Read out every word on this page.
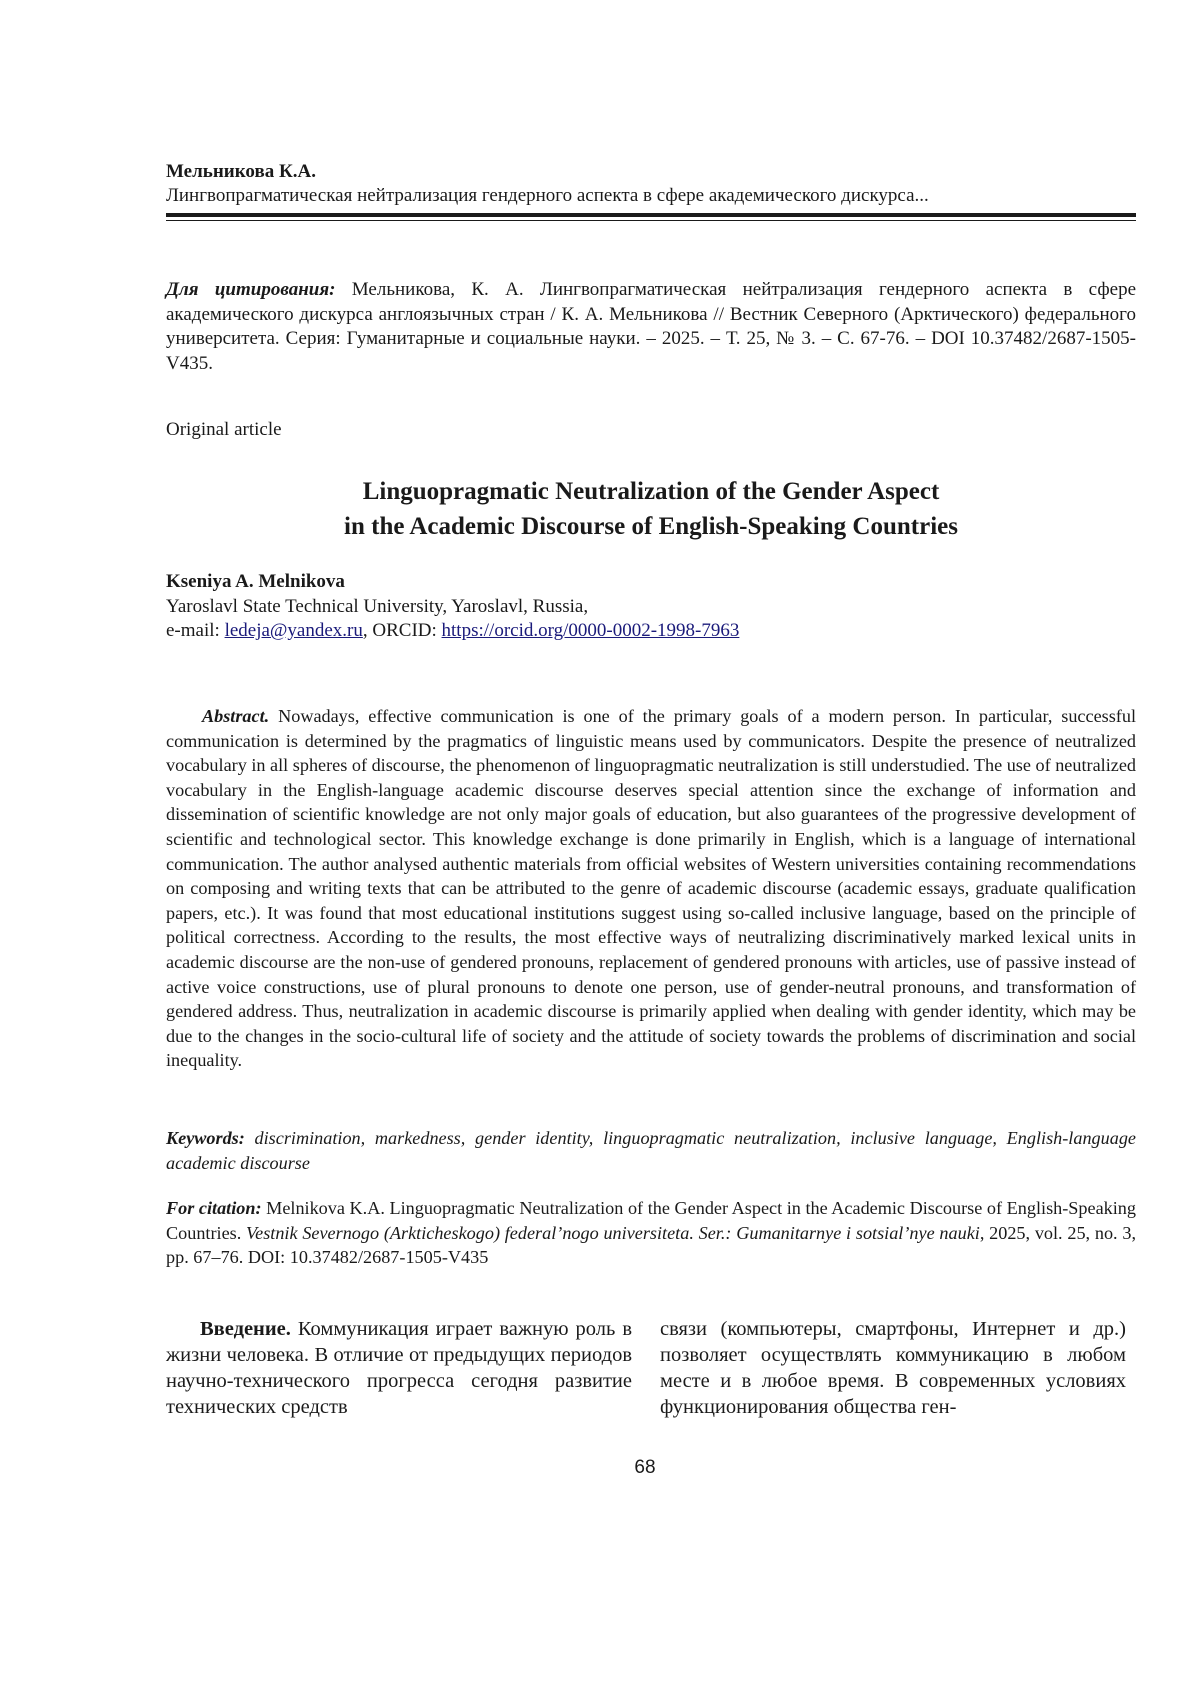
Мельникова К.А.
Лингвопрагматическая нейтрализация гендерного аспекта в сфере академического дискурса...
Для цитирования: Мельникова, К. А. Лингвопрагматическая нейтрализация гендерного аспекта в сфере академического дискурса англоязычных стран / К. А. Мельникова // Вестник Северного (Арктического) федерального университета. Серия: Гуманитарные и социальные науки. – 2025. – Т. 25, № 3. – С. 67-76. – DOI 10.37482/2687-1505-V435.
Original article
Linguopragmatic Neutralization of the Gender Aspect
in the Academic Discourse of English-Speaking Countries
Kseniya A. Melnikova
Yaroslavl State Technical University, Yaroslavl, Russia,
e-mail: ledeja@yandex.ru, ORCID: https://orcid.org/0000-0002-1998-7963
Abstract. Nowadays, effective communication is one of the primary goals of a modern person. In particular, successful communication is determined by the pragmatics of linguistic means used by communicators. Despite the presence of neutralized vocabulary in all spheres of discourse, the phenomenon of linguopragmatic neutralization is still understudied. The use of neutralized vocabulary in the English-language academic discourse deserves special attention since the exchange of information and dissemination of scientific knowledge are not only major goals of education, but also guarantees of the progressive development of scientific and technological sector. This knowledge exchange is done primarily in English, which is a language of international communication. The author analysed authentic materials from official websites of Western universities containing recommendations on composing and writing texts that can be attributed to the genre of academic discourse (academic essays, graduate qualification papers, etc.). It was found that most educational institutions suggest using so-called inclusive language, based on the principle of political correctness. According to the results, the most effective ways of neutralizing discriminatively marked lexical units in academic discourse are the non-use of gendered pronouns, replacement of gendered pronouns with articles, use of passive instead of active voice constructions, use of plural pronouns to denote one person, use of gender-neutral pronouns, and transformation of gendered address. Thus, neutralization in academic discourse is primarily applied when dealing with gender identity, which may be due to the changes in the socio-cultural life of society and the attitude of society towards the problems of discrimination and social inequality.
Keywords: discrimination, markedness, gender identity, linguopragmatic neutralization, inclusive language, English-language academic discourse
For citation: Melnikova K.A. Linguopragmatic Neutralization of the Gender Aspect in the Academic Discourse of English-Speaking Countries. Vestnik Severnogo (Arkticheskogo) federal’nogo universiteta. Ser.: Gumanitarnye i sotsial’nye nauki, 2025, vol. 25, no. 3, pp. 67–76. DOI: 10.37482/2687-1505-V435
Введение. Коммуникация играет важную роль в жизни человека. В отличие от предыдущих периодов научно-технического прогресса сегодня развитие технических средств
связи (компьютеры, смартфоны, Интернет и др.) позволяет осуществлять коммуникацию в любом месте и в любое время. В современных условиях функционирования общества ген-
68
